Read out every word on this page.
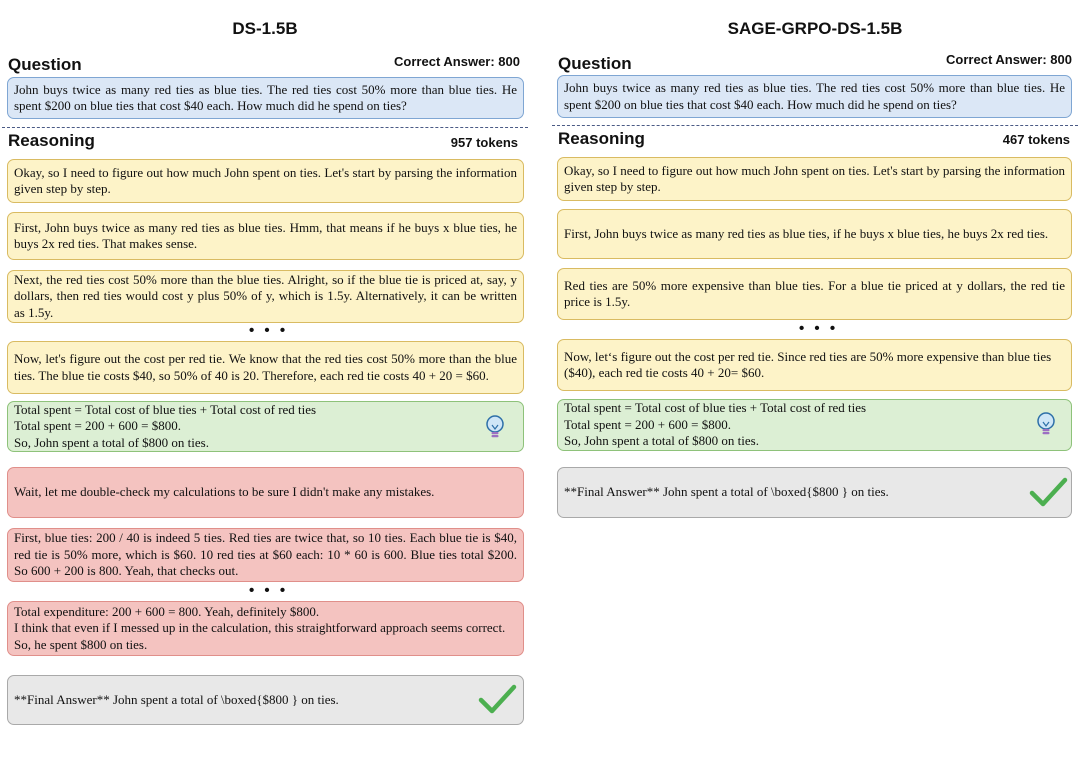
DS-1.5B
Question	Correct Answer: 800
John buys twice as many red ties as blue ties. The red ties cost 50% more than blue ties. He spent $200 on blue ties that cost $40 each. How much did he spend on ties?
Reasoning	957 tokens
Okay, so I need to figure out how much John spent on ties. Let's start by parsing the information given step by step.
First, John buys twice as many red ties as blue ties. Hmm, that means if he buys x blue ties, he buys 2x red ties. That makes sense.
Next, the red ties cost 50% more than the blue ties. Alright, so if the blue tie is priced at, say, y dollars, then red ties would cost y plus 50% of y, which is 1.5y. Alternatively, it can be written as 1.5y.
• • •
Now, let's figure out the cost per red tie. We know that the red ties cost 50% more than the blue ties. The blue tie costs $40, so 50% of 40 is 20. Therefore, each red tie costs 40 + 20 = $60.
Total spent = Total cost of blue ties + Total cost of red ties
Total spent = 200 + 600 = $800.
So, John spent a total of $800 on ties.
Wait, let me double-check my calculations to be sure I didn't make any mistakes.
First, blue ties: 200 / 40 is indeed 5 ties. Red ties are twice that, so 10 ties. Each blue tie is $40, red tie is 50% more, which is $60. 10 red ties at $60 each: 10 * 60 is 600. Blue ties total $200. So 600 + 200 is 800. Yeah, that checks out.
• • •
Total expenditure: 200 + 600 = 800. Yeah, definitely $800.
I think that even if I messed up in the calculation, this straightforward approach seems correct. So, he spent $800 on ties.
**Final Answer** John spent a total of \boxed{$800 } on ties.
SAGE-GRPO-DS-1.5B
Question	Correct Answer: 800
John buys twice as many red ties as blue ties. The red ties cost 50% more than blue ties. He spent $200 on blue ties that cost $40 each. How much did he spend on ties?
Reasoning	467 tokens
Okay, so I need to figure out how much John spent on ties. Let's start by parsing the information given step by step.
First, John buys twice as many red ties as blue ties, if he buys x blue ties, he buys 2x red ties.
Red ties are 50% more expensive than blue ties. For a blue tie priced at y dollars, the red tie price is 1.5y.
• • •
Now, let‘s figure out the cost per red tie. Since red ties are 50% more expensive than blue ties ($40), each red tie costs 40 + 20= $60.
Total spent = Total cost of blue ties + Total cost of red ties
Total spent = 200 + 600 = $800.
So, John spent a total of $800 on ties.
**Final Answer** John spent a total of \boxed{$800 } on ties.
